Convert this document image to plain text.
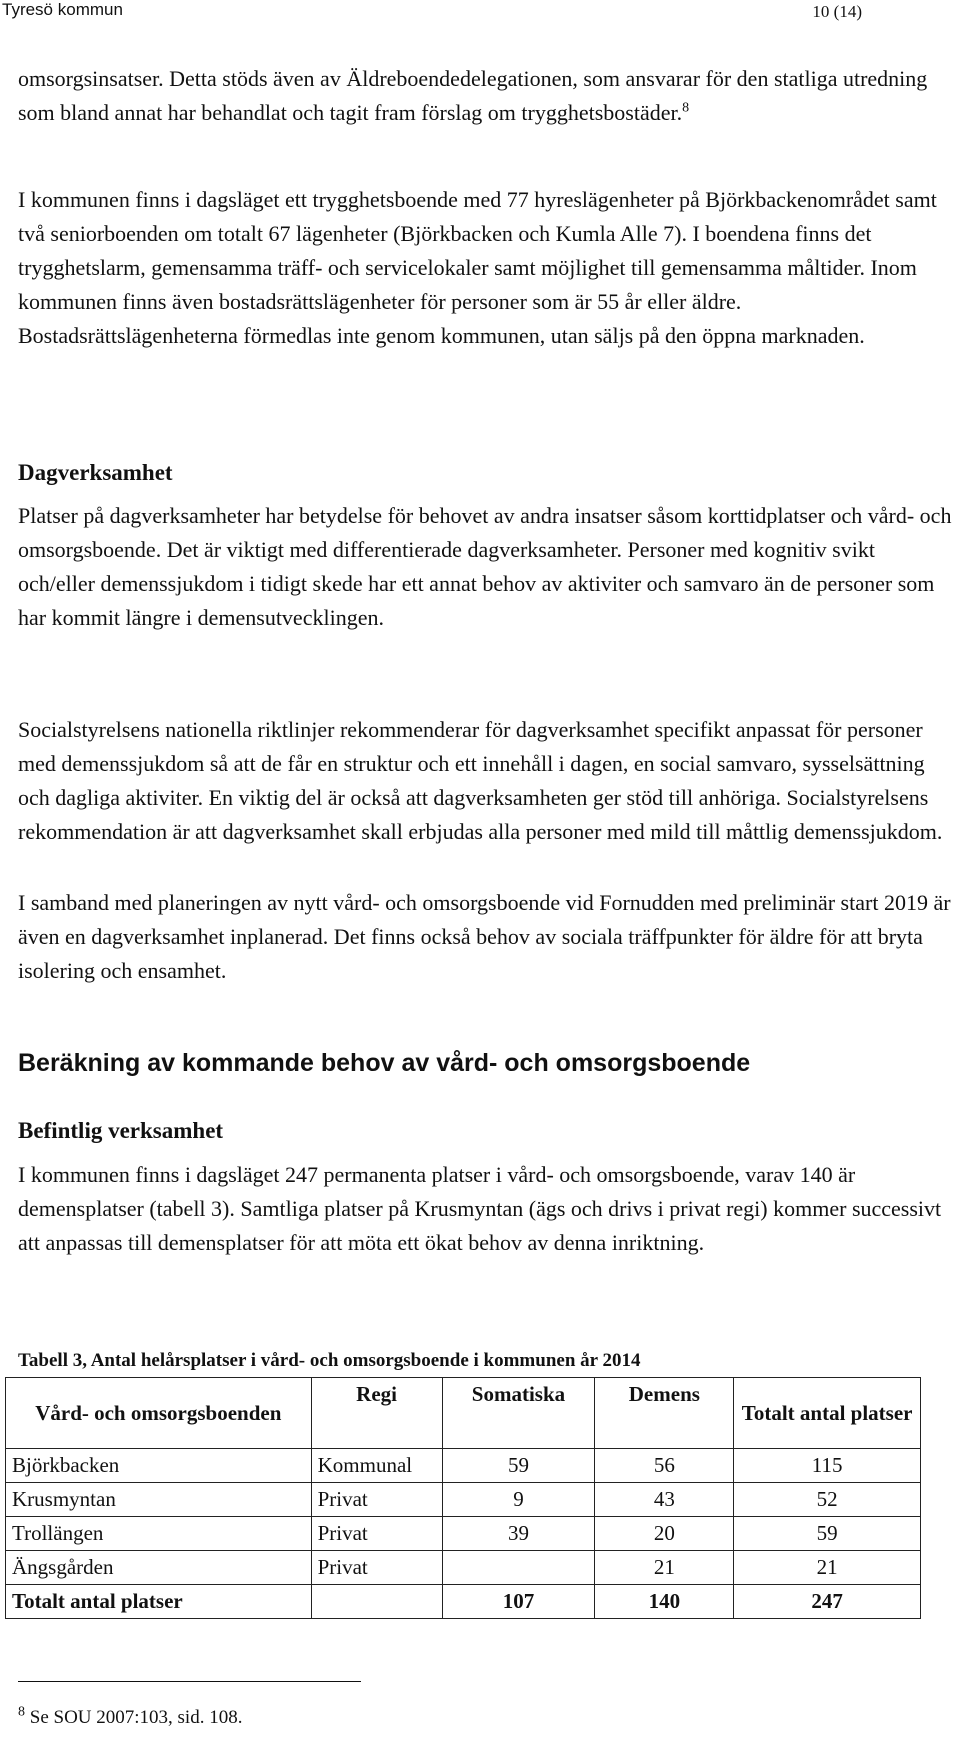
Tyresö kommun	10 (14)

omsorgsinsatser. Detta stöds även av Äldreboendedelegationen, som ansvarar för den statliga utredning som bland annat har behandlat och tagit fram förslag om trygghetsbostäder.$^8$

I kommunen finns i dagsläget ett trygghetsboende med 77 hyreslägenheter på Björkbackenområdet samt två seniorboenden om totalt 67 lägenheter (Björkbacken och Kumla Alle 7). I boendena finns det trygghetslarm, gemensamma träff- och servicelokaler samt möjlighet till gemensamma måltider. Inom kommunen finns även bostadsrättslägenheter för personer som är 55 år eller äldre. Bostadsrättslägenheterna förmedlas inte genom kommunen, utan säljs på den öppna marknaden.

Dagverksamhet

Platser på dagverksamheter har betydelse för behovet av andra insatser såsom korttidplatser och vård- och omsorgsboende. Det är viktigt med differentierade dagverksamheter. Personer med kognitiv svikt och/eller demenssjukdom i tidigt skede har ett annat behov av aktiviter och samvaro än de personer som har kommit längre i demensutvecklingen.

Socialstyrelsens nationella riktlinjer rekommenderar för dagverksamhet specifikt anpassat för personer med demenssjukdom så att de får en struktur och ett innehåll i dagen, en social samvaro, sysselsättning och dagliga aktiviter. En viktig del är också att dagverksamheten ger stöd till anhöriga. Socialstyrelsens rekommendation är att dagverksamhet skall erbjudas alla personer med mild till måttlig demenssjukdom.

I samband med planeringen av nytt vård- och omsorgsboende vid Fornudden med preliminär start 2019 är även en dagverksamhet inplanerad. Det finns också behov av sociala träffpunkter för äldre för att bryta isolering och ensamhet.

Beräkning av kommande behov av vård- och omsorgsboende
Befintlig verksamhet

I kommunen finns i dagsläget 247 permanenta platser i vård- och omsorgsboende, varav 140 är demensplatser (tabell 3). Samtliga platser på Krusmyntan (ägs och drivs i privat regi) kommer successivt att anpassas till demensplatser för att möta ett ökat behov av denna inriktning.

Tabell 3, Antal helårsplatser i vård- och omsorgsboende i kommunen år 2014
Vård- och omsorgsboenden	Regi	Somatiska	Demens	Totalt antal platser
Björkbacken	Kommunal	59	56	115
Krusmyntan	Privat	9	43	52
Trollängen	Privat	39	20	59
Ängsgården	Privat		21	21
Totalt antal platser		107	140	247
$^8$ Se SOU 2007:103, sid. 108.
